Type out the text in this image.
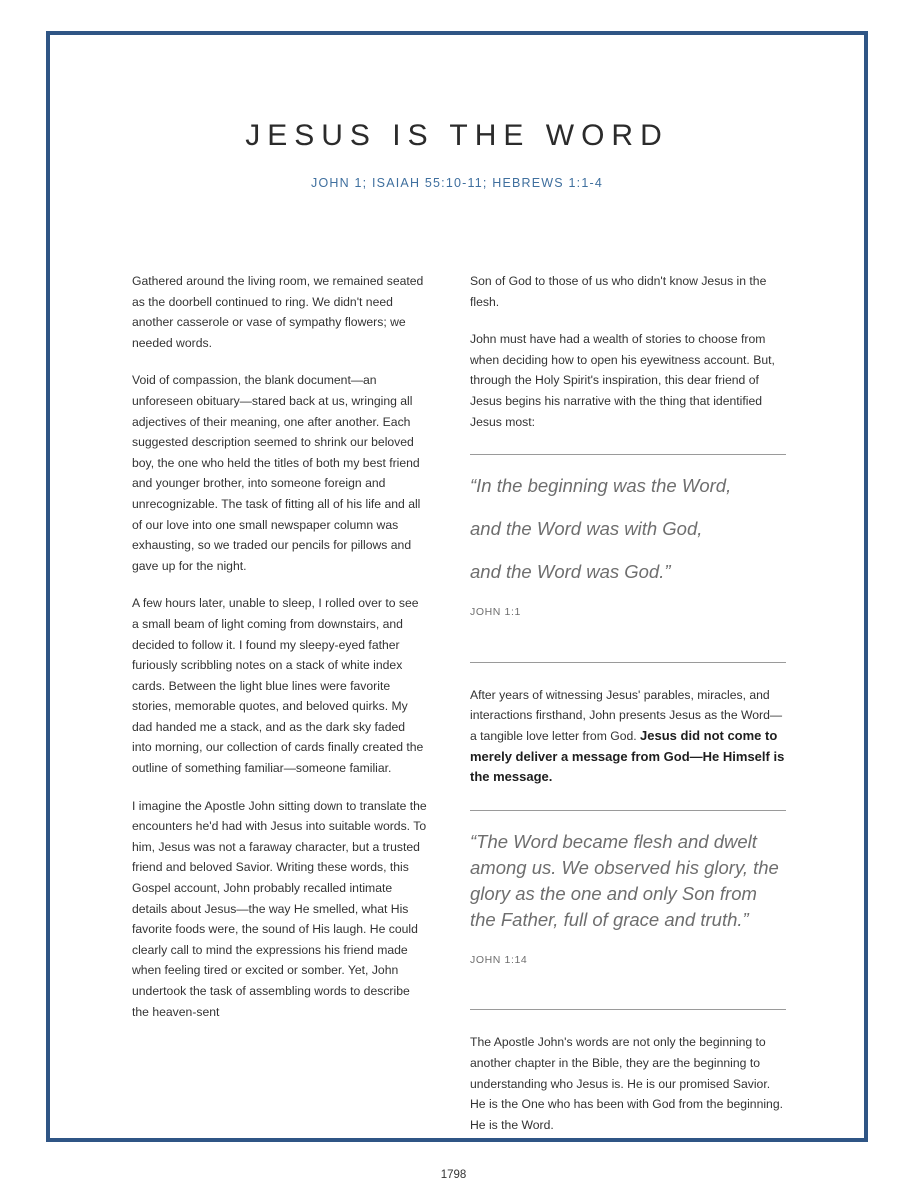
JESUS IS THE WORD
JOHN 1; ISAIAH 55:10-11; HEBREWS 1:1-4

Gathered around the living room, we remained seated as the doorbell continued to ring. We didn't need another casserole or vase of sympathy flowers; we needed words.

Void of compassion, the blank document—an unforeseen obituary—stared back at us, wringing all adjectives of their meaning, one after another. Each suggested description seemed to shrink our beloved boy, the one who held the titles of both my best friend and younger brother, into someone foreign and unrecognizable. The task of fitting all of his life and all of our love into one small newspaper column was exhausting, so we traded our pencils for pillows and gave up for the night.

A few hours later, unable to sleep, I rolled over to see a small beam of light coming from downstairs, and decided to follow it. I found my sleepy-eyed father furiously scribbling notes on a stack of white index cards. Between the light blue lines were favorite stories, memorable quotes, and beloved quirks. My dad handed me a stack, and as the dark sky faded into morning, our collection of cards finally created the outline of something familiar—someone familiar.

I imagine the Apostle John sitting down to translate the encounters he'd had with Jesus into suitable words. To him, Jesus was not a faraway character, but a trusted friend and beloved Savior. Writing these words, this Gospel account, John probably recalled intimate details about Jesus—the way He smelled, what His favorite foods were, the sound of His laugh. He could clearly call to mind the expressions his friend made when feeling tired or excited or somber. Yet, John undertook the task of assembling words to describe the heaven-sent

Son of God to those of us who didn't know Jesus in the flesh.

John must have had a wealth of stories to choose from when deciding how to open his eyewitness account. But, through the Holy Spirit's inspiration, this dear friend of Jesus begins his narrative with the thing that identified Jesus most:

“In the beginning was the Word,

and the Word was with God,

and the Word was God.”

JOHN 1:1

After years of witnessing Jesus' parables, miracles, and interactions firsthand, John presents Jesus as the Word—a tangible love letter from God. Jesus did not come to merely deliver a message from God—He Himself is the message.

“The Word became flesh and dwelt among us. We observed his glory, the glory as the one and only Son from the Father, full of grace and truth.”

JOHN 1:14

The Apostle John's words are not only the beginning to another chapter in the Bible, they are the beginning to understanding who Jesus is. He is our promised Savior. He is the One who has been with God from the beginning. He is the Word.

1798
